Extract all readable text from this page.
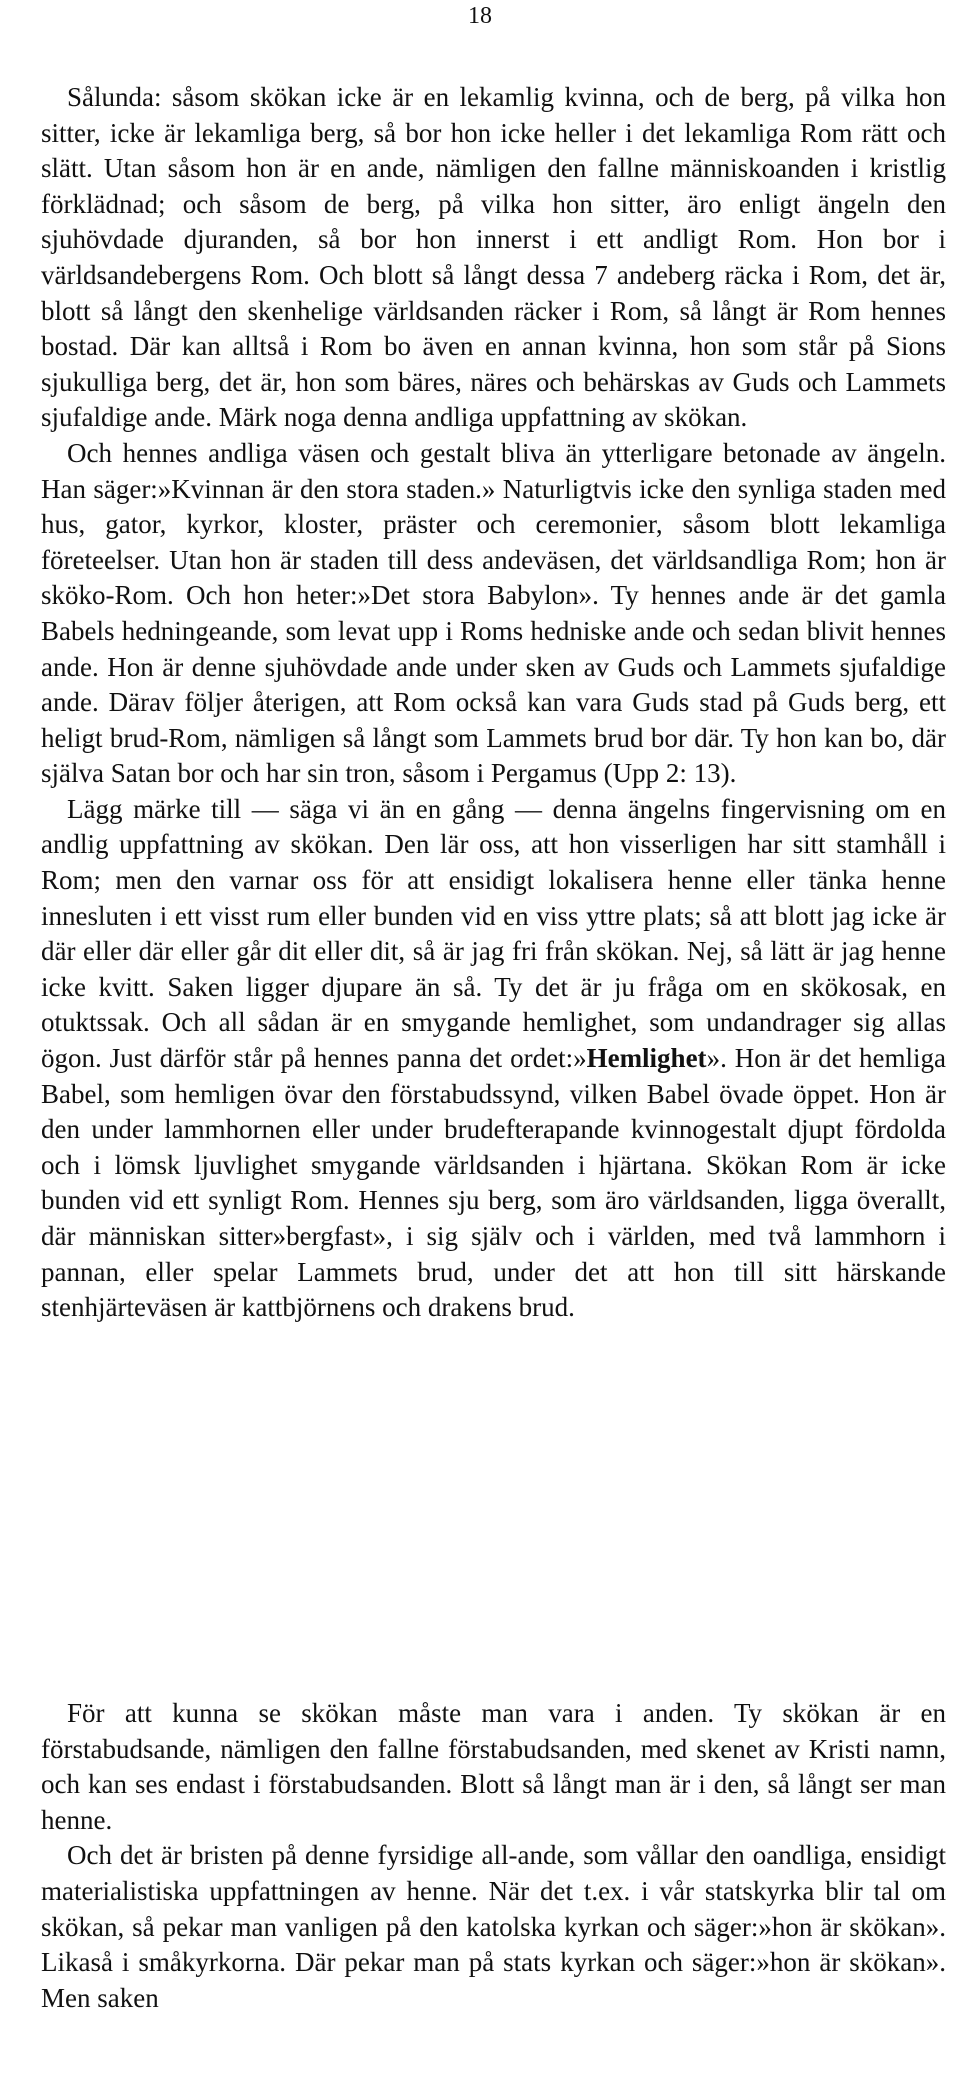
18

Sålunda: såsom skökan icke är en lekamlig kvinna, och de berg, på vilka hon sitter, icke är lekamliga berg, så bor hon icke heller i det lekamliga Rom rätt och slätt. Utan såsom hon är en ande, nämligen den fallne människoanden i kristlig förklädnad; och såsom de berg, på vilka hon sitter, äro enligt ängeln den sjuhövdade djuranden, så bor hon innerst i ett andligt Rom. Hon bor i världsandebergens Rom. Och blott så långt dessa 7 andeberg räcka i Rom, det är, blott så långt den skenhelige världsanden räcker i Rom, så långt är Rom hennes bostad. Där kan alltså i Rom bo även en annan kvinna, hon som står på Sions sjukulliga berg, det är, hon som bäres, näres och behärskas av Guds och Lammets sjufaldige ande. Märk noga denna andliga uppfattning av skökan.

Och hennes andliga väsen och gestalt bliva än ytterligare betonade av ängeln. Han säger:»Kvinnan är den stora staden.» Naturligtvis icke den synliga staden med hus, gator, kyrkor, kloster, präster och ceremonier, såsom blott lekamliga företeelser. Utan hon är staden till dess andeväsen, det världsandliga Rom; hon är sköko-Rom. Och hon heter:»Det stora Babylon». Ty hennes ande är det gamla Babels hedningeande, som levat upp i Roms hedniske ande och sedan blivit hennes ande. Hon är denne sjuhövdade ande under sken av Guds och Lammets sjufaldige ande. Därav följer återigen, att Rom också kan vara Guds stad på Guds berg, ett heligt brud-Rom, nämligen så långt som Lammets brud bor där. Ty hon kan bo, där själva Satan bor och har sin tron, såsom i Pergamus (Upp 2: 13).

Lägg märke till — säga vi än en gång — denna ängelns fingervisning om en andlig uppfattning av skökan. Den lär oss, att hon visserligen har sitt stamhåll i Rom; men den varnar oss för att ensidigt lokalisera henne eller tänka henne innesluten i ett visst rum eller bunden vid en viss yttre plats; så att blott jag icke är där eller där eller går dit eller dit, så är jag fri från skökan. Nej, så lätt är jag henne icke kvitt. Saken ligger djupare än så. Ty det är ju fråga om en skökosak, en otuktssak. Och all sådan är en smygande hemlighet, som undandrager sig allas ögon. Just därför står på hennes panna det ordet:»Hemlighet». Hon är det hemliga Babel, som hemligen övar den förstabudssynd, vilken Babel övade öppet. Hon är den under lammhornen eller under brudefterapande kvinnogestalt djupt fördolda och i lömsk ljuvlighet smygande världsanden i hjärtana. Skökan Rom är icke bunden vid ett synligt Rom. Hennes sju berg, som äro världsanden, ligga överallt, där människan sitter»bergfast», i sig själv och i världen, med två lammhorn i pannan, eller spelar Lammets brud, under det att hon till sitt härskande stenhjärteväsen är kattbjörnens och drakens brud.

För att kunna se skökan måste man vara i anden. Ty skökan är en förstabudsande, nämligen den fallne förstabudsanden, med skenet av Kristi namn, och kan ses endast i förstabudsanden. Blott så långt man är i den, så långt ser man henne.

Och det är bristen på denne fyrsidige all-ande, som vållar den oandliga, ensidigt materialistiska uppfattningen av henne. När det t.ex. i vår statskyrka blir tal om skökan, så pekar man vanligen på den katolska kyrkan och säger:»hon är skökan». Likaså i småkyrkorna. Där pekar man på stats kyrkan och säger:»hon är skökan». Men saken
